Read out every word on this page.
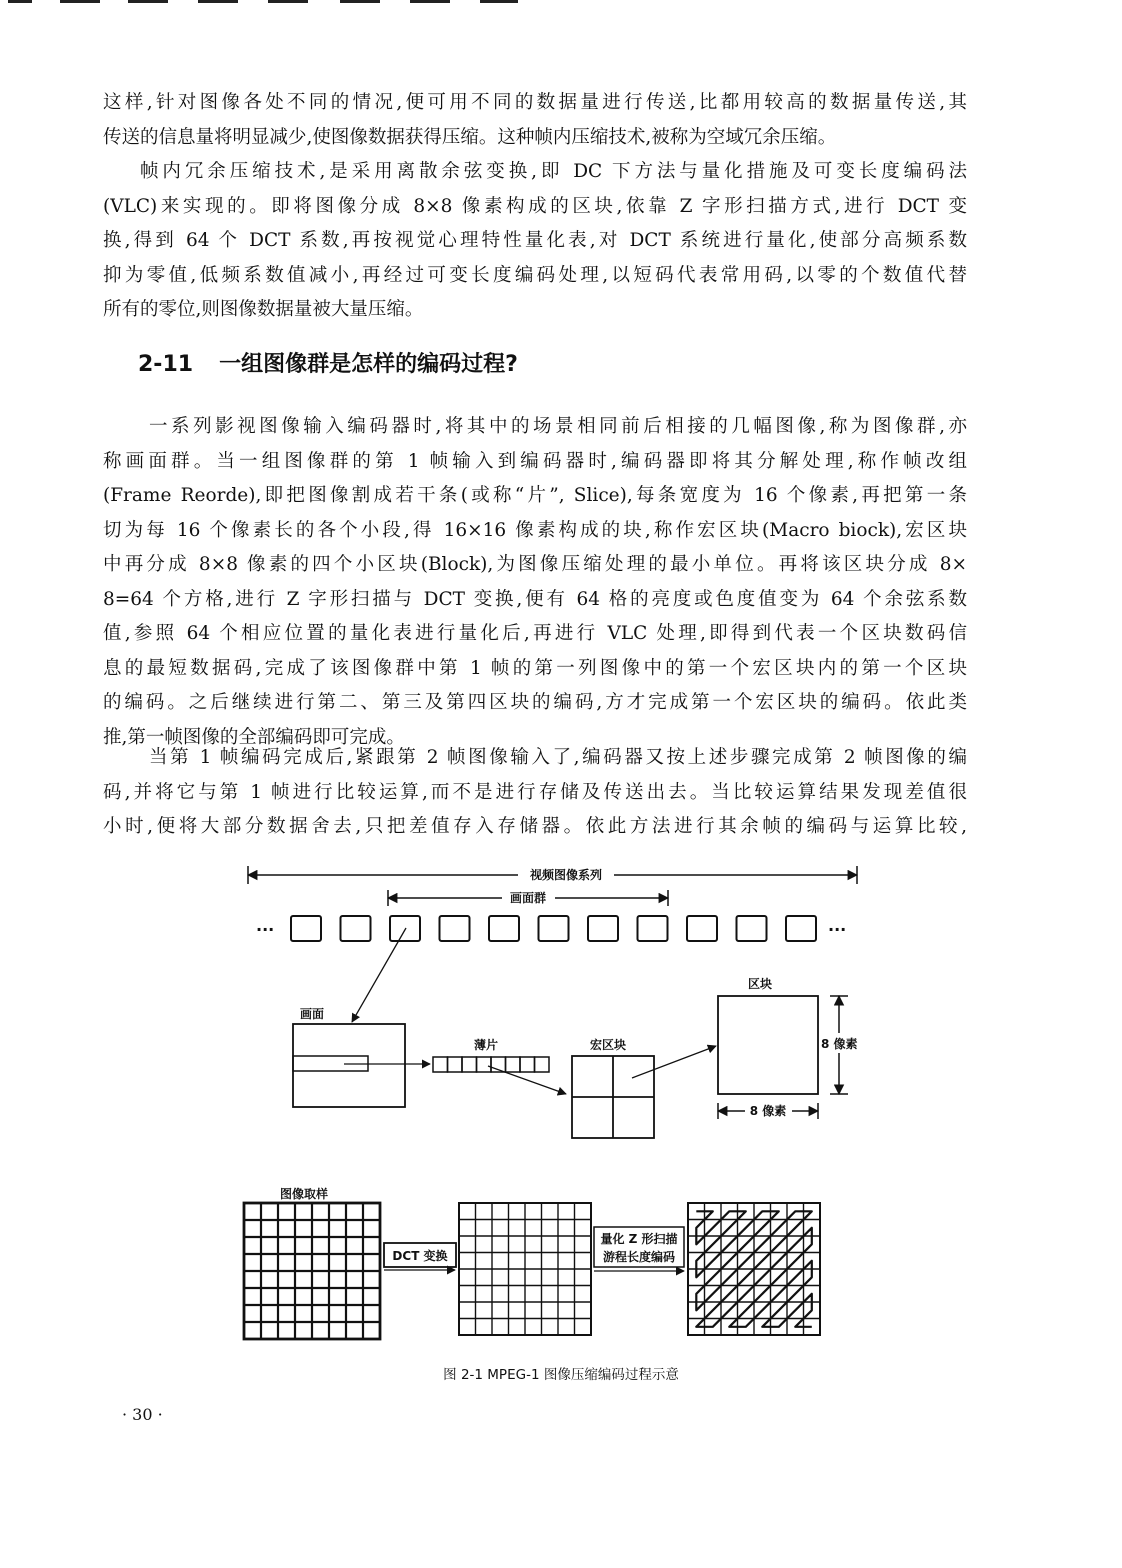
这样,针对图像各处不同的情况,便可用不同的数据量进行传送,比都用较高的数据量传送,其
传送的信息量将明显减少,使图像数据获得压缩。这种帧内压缩技术,被称为空域冗余压缩。

帧内冗余压缩技术,是采用离散余弦变换,即 DC 下方法与量化措施及可变长度编码法
(VLC)来实现的。即将图像分成 8×8 像素构成的区块,依靠 Z 字形扫描方式,进行 DCT 变
换,得到 64 个 DCT 系数,再按视觉心理特性量化表,对 DCT 系统进行量化,使部分高频系数
抑为零值,低频系数值减小,再经过可变长度编码处理,以短码代表常用码,以零的个数值代替
所有的零位,则图像数据量被大量压缩。

2-11 一组图像群是怎样的编码过程?

一系列影视图像输入编码器时,将其中的场景相同前后相接的几幅图像,称为图像群,亦
称画面群。当一组图像群的第 1 帧输入到编码器时,编码器即将其分解处理,称作帧改组
(Frame Reorde),即把图像割成若干条(或称“片”, Slice),每条宽度为 16 个像素,再把第一条
切为每 16 个像素长的各个小段,得 16×16 像素构成的块,称作宏区块(Macro biock),宏区块
中再分成 8×8 像素的四个小区块(Block),为图像压缩处理的最小单位。再将该区块分成 8×
8=64 个方格,进行 Z 字形扫描与 DCT 变换,便有 64 格的亮度或色度值变为 64 个余弦系数
值,参照 64 个相应位置的量化表进行量化后,再进行 VLC 处理,即得到代表一个区块数码信
息的最短数据码,完成了该图像群中第 1 帧的第一列图像中的第一个宏区块内的第一个区块
的编码。之后继续进行第二、第三及第四区块的编码,方才完成第一个宏区块的编码。依此类
推,第一帧图像的全部编码即可完成。

当第 1 帧编码完成后,紧跟第 2 帧图像输入了,编码器又按上述步骤完成第 2 帧图像的编
码,并将它与第 1 帧进行比较运算,而不是进行存储及传送出去。当比较运算结果发现差值很
小时,便将大部分数据舍去,只把差值存入存储器。依此方法进行其余帧的编码与运算比较,

视频图像系列
画面群
···	···
画面
薄片	宏区块
区块
8 像素
8 像素
图像取样
DCT 变换
量化 Z 形扫描
游程长度编码

图 2-1 MPEG-1 图像压缩编码过程示意

· 30 ·
